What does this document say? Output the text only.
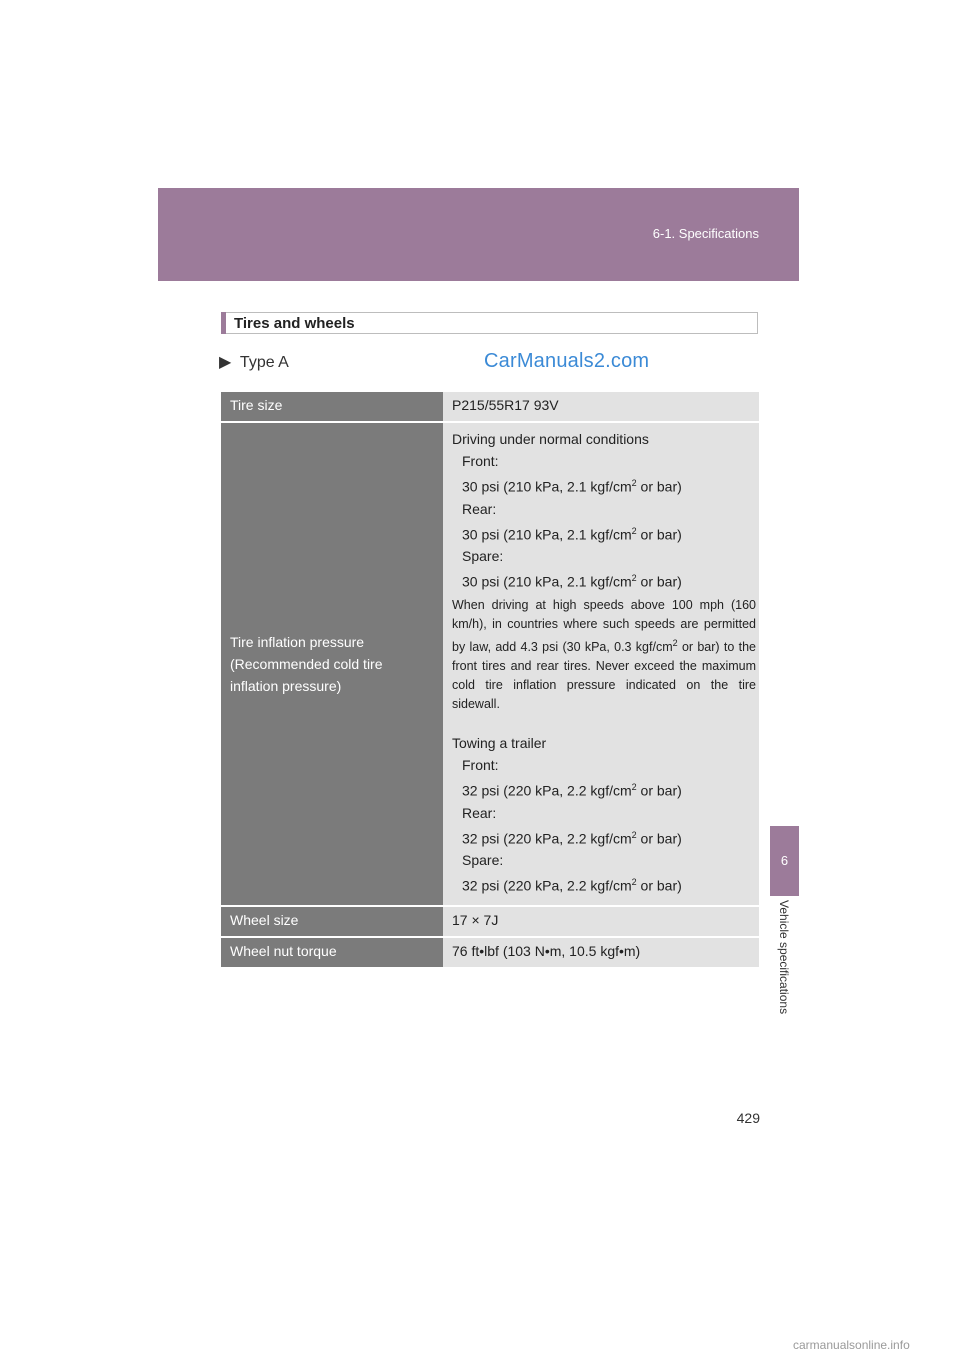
6-1. Specifications
6
Vehicle specifications
Tires and wheels
▶ Type A	CarManuals2.com
Tire size	P215/55R17 93V
Tire inflation pressure (Recommended cold tire inflation pressure)
Driving under normal conditions
Front:
30 psi (210 kPa, 2.1 kgf/$cm^2$ or bar)
Rear:
30 psi (210 kPa, 2.1 kgf/$cm^2$ or bar)
Spare:
30 psi (210 kPa, 2.1 kgf/$cm^2$ or bar)
When driving at high speeds above 100 mph (160 km/h), in countries where such speeds are permitted by law, add 4.3 psi (30 kPa, 0.3 kgf/$cm^2$ or bar) to the front tires and rear tires. Never exceed the maximum cold tire inflation pressure indicated on the tire sidewall.
Towing a trailer
Front:
32 psi (220 kPa, 2.2 kgf/$cm^2$ or bar)
Rear:
32 psi (220 kPa, 2.2 kgf/$cm^2$ or bar)
Spare:
32 psi (220 kPa, 2.2 kgf/$cm^2$ or bar)
Wheel size	17 × 7J
Wheel nut torque	76 ft•lbf (103 N•m, 10.5 kgf•m)
429
carmanualsonline.info
